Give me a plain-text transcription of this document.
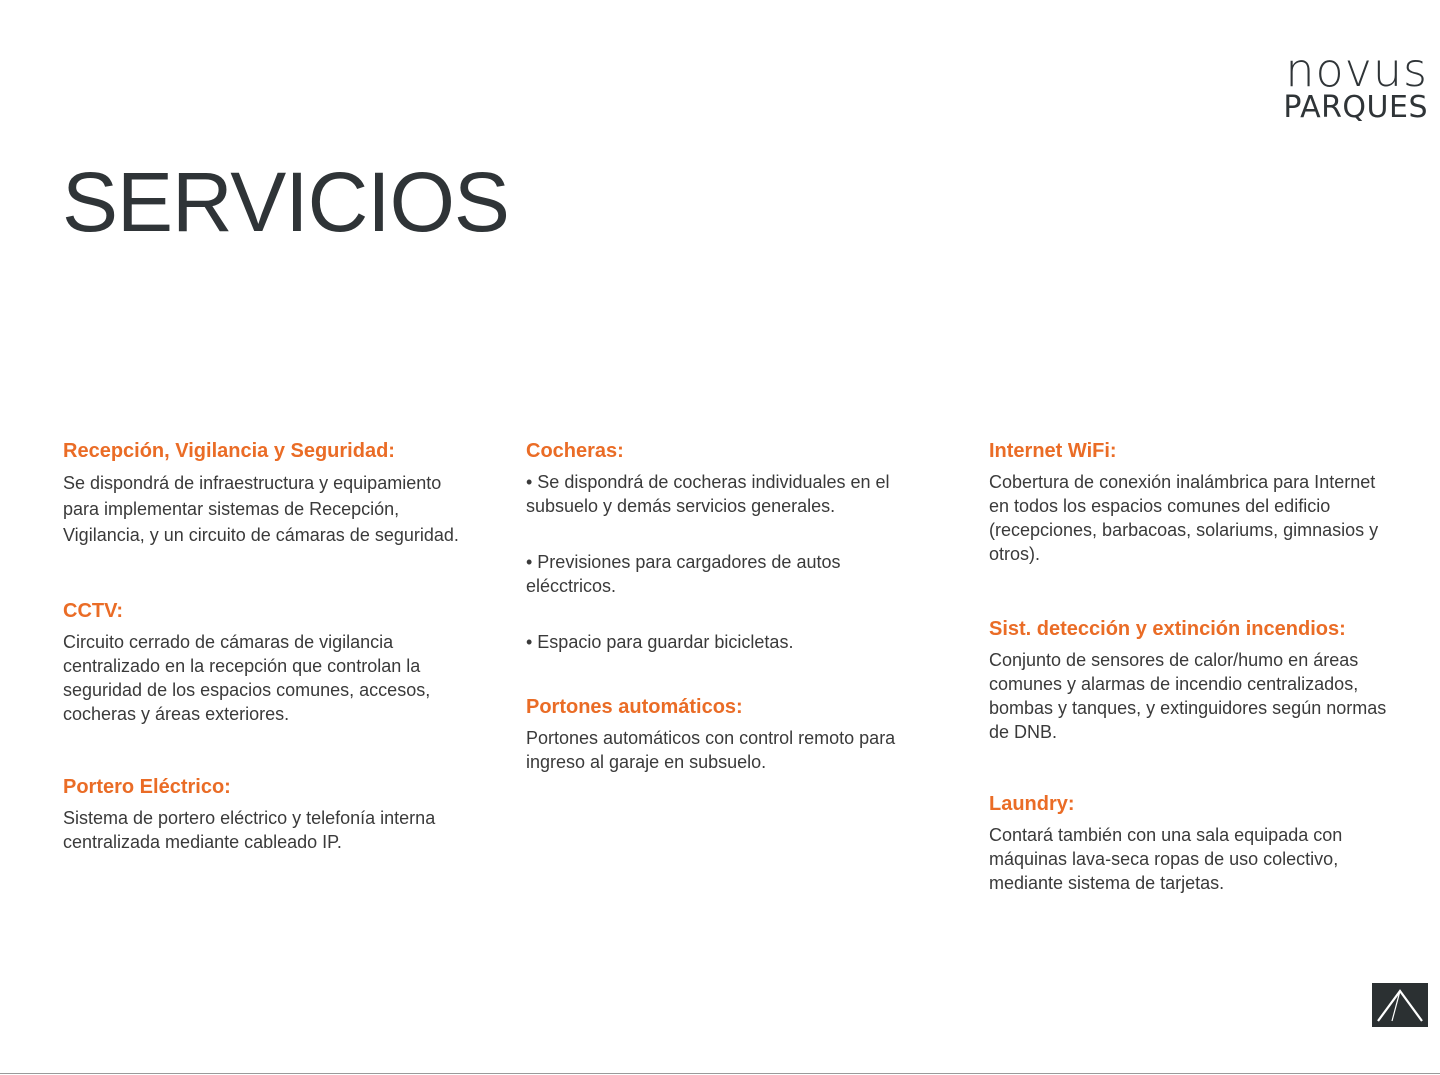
novus
PARQUES
SERVICIOS
Recepción, Vigilancia y Seguridad:

Se dispondrá de infraestructura y equipamiento para implementar sistemas de Recepción, Vigilancia, y un circuito de cámaras de seguridad.

CCTV:

Circuito cerrado de cámaras de vigilancia centralizado en la recepción que controlan la seguridad de los espacios comunes, accesos, cocheras y áreas exteriores.

Portero Eléctrico:

Sistema de portero eléctrico y telefonía interna centralizada mediante cableado IP.

Cocheras:

• Se dispondrá de cocheras individuales en el subsuelo y demás servicios generales.

• Previsiones para cargadores de autos elécctricos.

• Espacio para guardar bicicletas.

Portones automáticos:

Portones automáticos con control remoto para ingreso al garaje en subsuelo.

Internet WiFi:

Cobertura de conexión inalámbrica para Internet en todos los espacios comunes del edificio (recepciones, barbacoas, solariums, gimnasios y otros).

Sist. detección y extinción incendios:

Conjunto de sensores de calor/humo en áreas comunes y alarmas de incendio centralizados, bombas y tanques, y extinguidores según normas de DNB.

Laundry:

Contará también con una sala equipada con máquinas lava-seca ropas de uso colectivo, mediante sistema de tarjetas.
